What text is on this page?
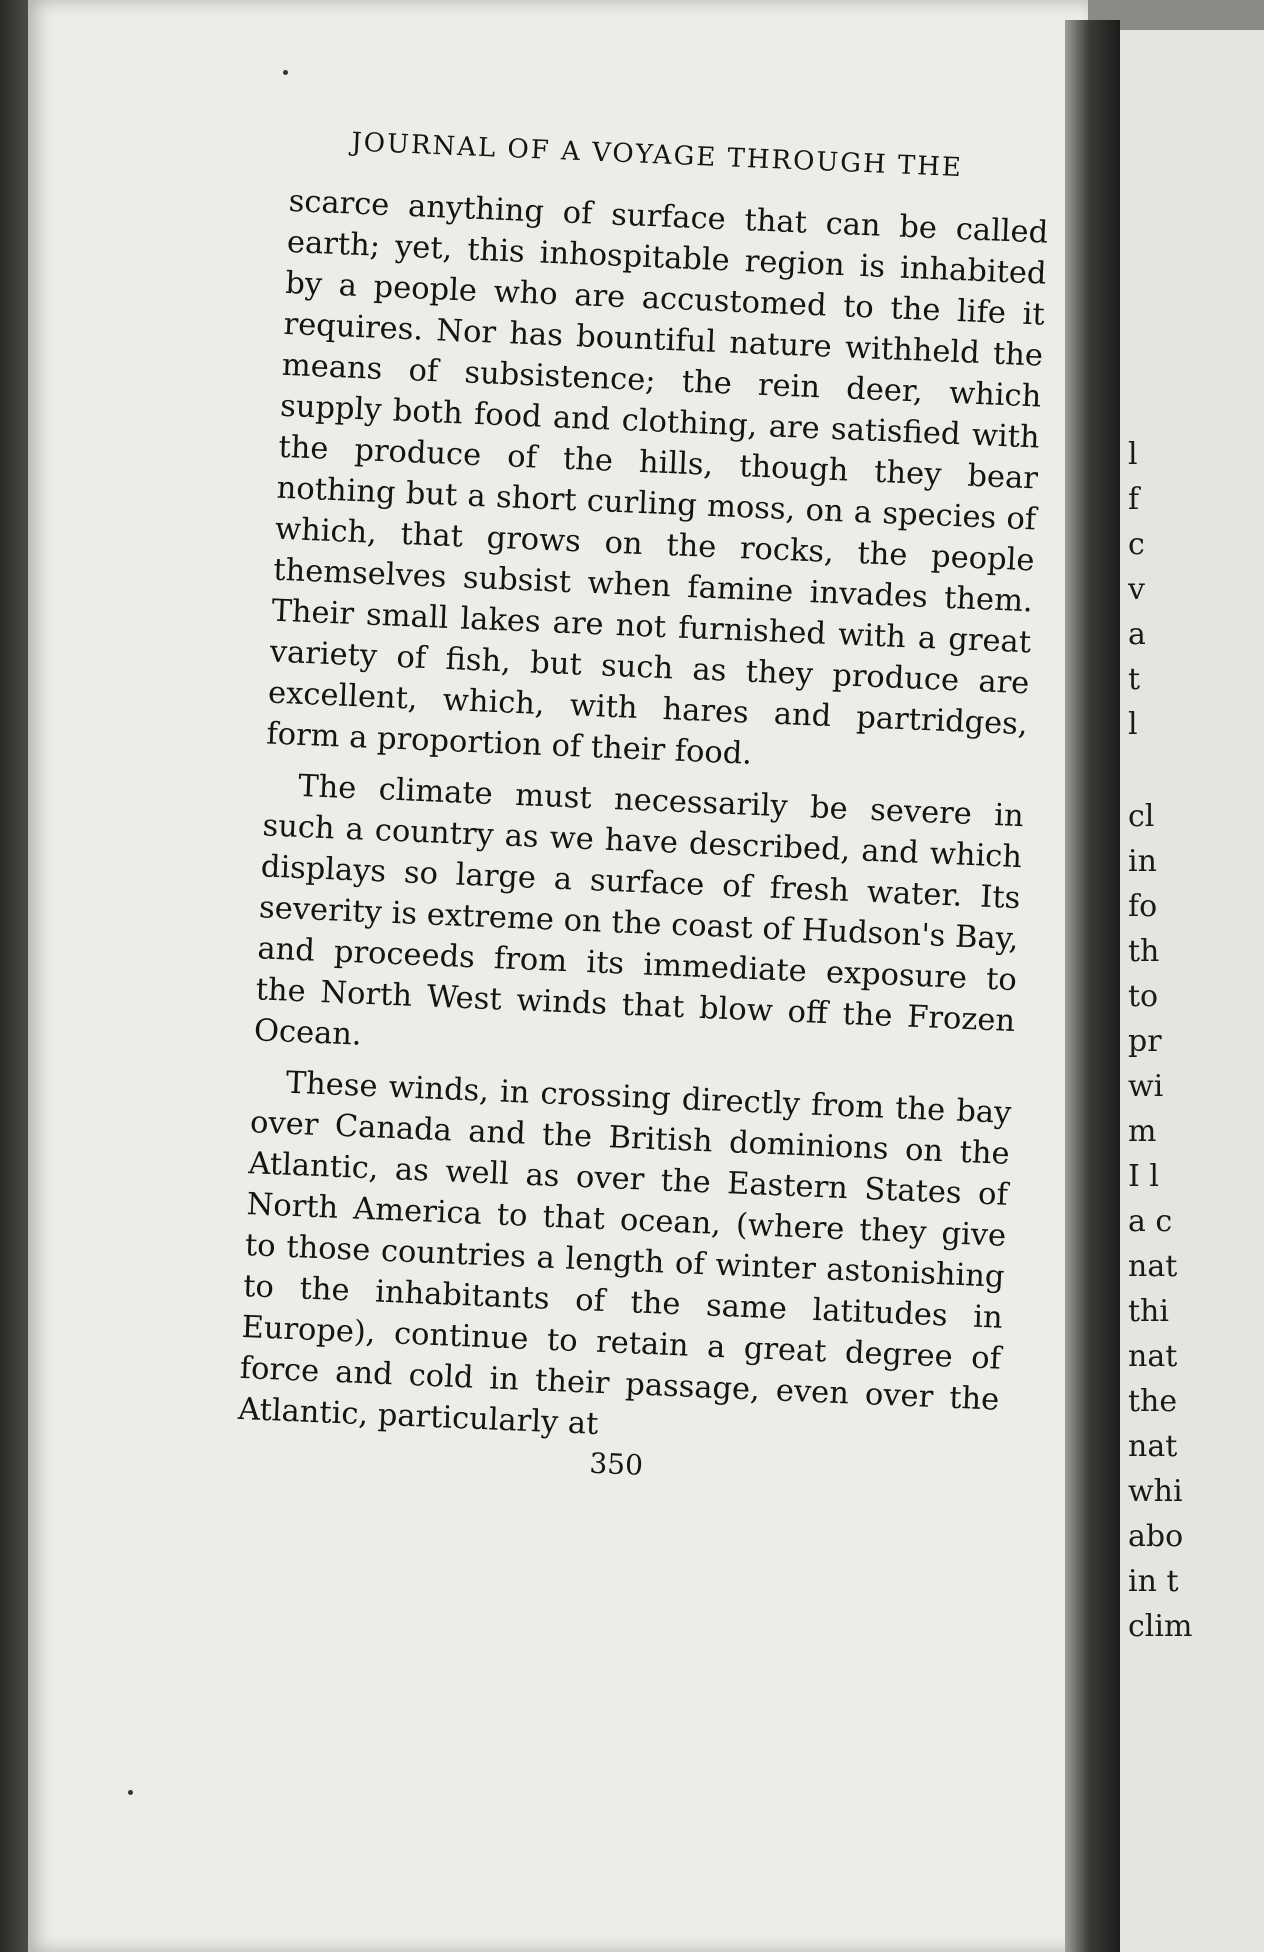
JOURNAL OF A VOYAGE THROUGH THE

scarce anything of surface that can be called earth; yet, this inhospitable region is inhabited by a people who are accustomed to the life it requires. Nor has bountiful nature withheld the means of subsistence; the rein deer, which supply both food and clothing, are satisfied with the produce of the hills, though they bear nothing but a short curling moss, on a species of which, that grows on the rocks, the people themselves subsist when famine invades them. Their small lakes are not furnished with a great variety of fish, but such as they produce are excellent, which, with hares and partridges, form a proportion of their food.

The climate must necessarily be severe in such a country as we have described, and which displays so large a surface of fresh water. Its severity is extreme on the coast of Hudson's Bay, and proceeds from its immediate exposure to the North West winds that blow off the Frozen Ocean.

These winds, in crossing directly from the bay over Canada and the British dominions on the Atlantic, as well as over the Eastern States of North America to that ocean, (where they give to those countries a length of winter astonishing to the inhabitants of the same latitudes in Europe), continue to retain a great degree of force and cold in their passage, even over the Atlantic, particularly at

350
l
f
c
v
a
t
l
cl
in
fo
th
to
pr
wi
m
I l
a c
nat
thi
nat
the
nat
whi
abo
in t
clim
